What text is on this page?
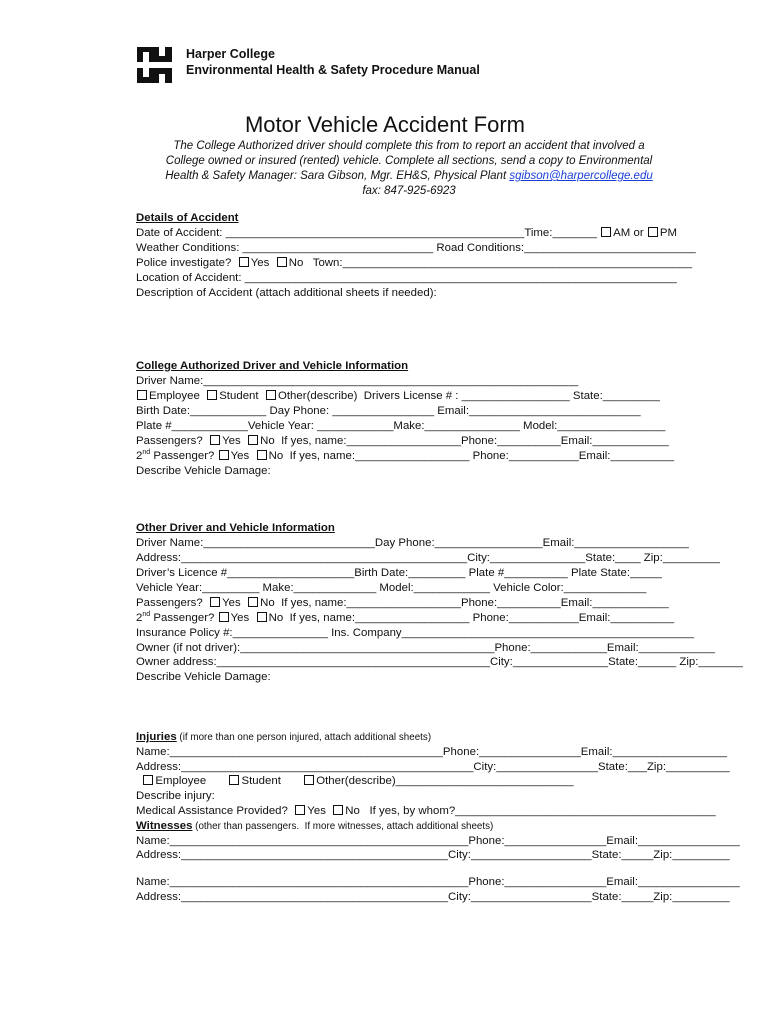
Harper College
Environmental Health & Safety Procedure Manual
Motor Vehicle Accident Form
The College Authorized driver should complete this from to report an accident that involved a
College owned or insured (rented) vehicle. Complete all sections, send a copy to Environmental
Health & Safety Manager: Sara Gibson, Mgr. EH&S, Physical Plant sgibson@harpercollege.edu
fax: 847-925-6923
Details of Accident
Date of Accident: _______________________________________________Time:_______ AM or PM
Weather Conditions: ______________________________ Road Conditions:___________________________
Police investigate? Yes No Town:_______________________________________________________
Location of Accident: ____________________________________________________________________
Description of Accident (attach additional sheets if needed):
College Authorized Driver and Vehicle Information
Driver Name:___________________________________________________________
Employee Student Other(describe)  Drivers License # : _________________ State:_________
Birth Date:____________ Day Phone: ________________ Email:___________________________
Plate #____________Vehicle Year: ____________Make:_______________ Model:_________________
Passengers? Yes No  If yes, name:__________________Phone:__________Email:____________
2nd Passenger? Yes No  If yes, name:__________________ Phone:___________Email:__________
Describe Vehicle Damage:
Other Driver and Vehicle Information
Driver Name:___________________________Day Phone:_________________Email:__________________
Address:_____________________________________________City:_______________State:____ Zip:_________
Driver’s Licence #____________________Birth Date:_________ Plate #__________ Plate State:_____
Vehicle Year:_________ Make:_____________ Model:____________ Vehicle Color:_____________
Passengers? Yes No  If yes, name:__________________Phone:__________Email:____________
2nd Passenger? Yes No  If yes, name:__________________ Phone:___________Email:__________
Insurance Policy #:_______________ Ins. Company______________________________________________
Owner (if not driver):________________________________________Phone:____________Email:____________
Owner address:___________________________________________City:_______________State:______ Zip:_______
Describe Vehicle Damage:
Injuries (if more than one person injured, attach additional sheets)
Name:___________________________________________Phone:________________Email:__________________
Address:______________________________________________City:________________State:___Zip:__________
Employee	Student	Other(describe)____________________________
Describe injury:
Medical Assistance Provided? Yes No   If yes, by whom?_________________________________________
Witnesses (other than passengers.  If more witnesses, attach additional sheets)
Name:_______________________________________________Phone:________________Email:________________
Address:__________________________________________City:___________________State:_____Zip:_________
Name:_______________________________________________Phone:________________Email:________________
Address:__________________________________________City:___________________State:_____Zip:_________
